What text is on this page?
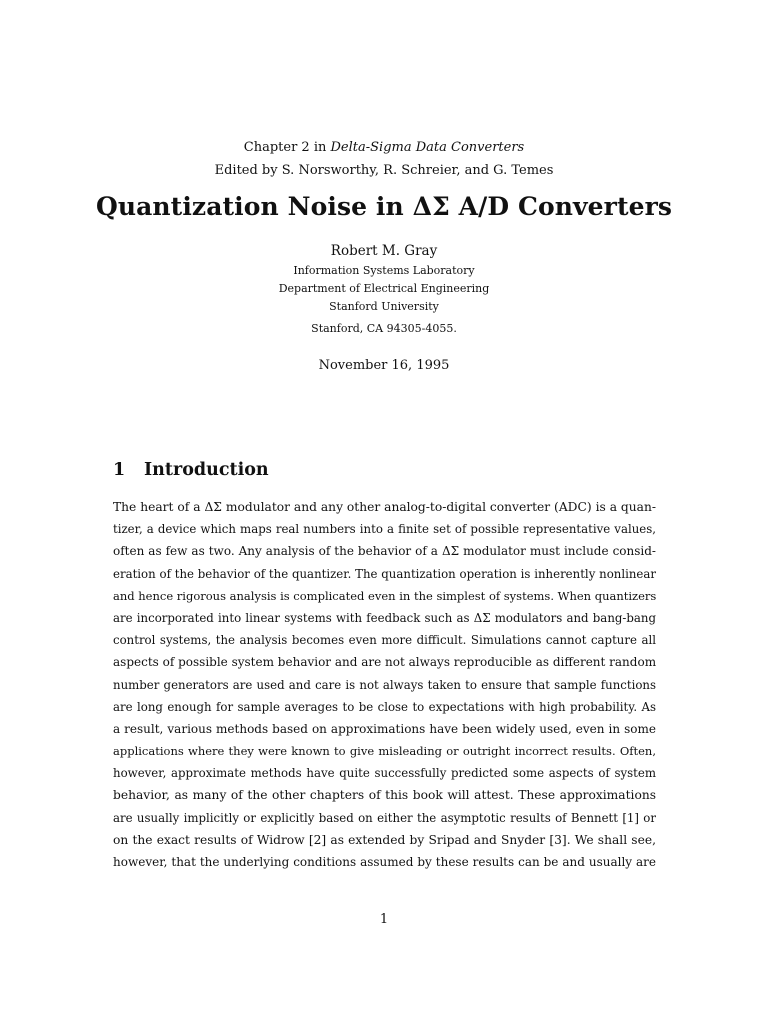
Chapter 2 in Delta-Sigma Data Converters
Edited by S. Norsworthy, R. Schreier, and G. Temes
Quantization Noise in ΔΣ A/D Converters
Robert M. Gray
Information Systems Laboratory
Department of Electrical Engineering
Stanford University
Stanford, CA 94305-4055.
November 16, 1995
1 Introduction
The heart of a ΔΣ modulator and any other analog-to-digital converter (ADC) is a quan-
tizer, a device which maps real numbers into a finite set of possible representative values,
often as few as two. Any analysis of the behavior of a ΔΣ modulator must include consid-
eration of the behavior of the quantizer. The quantization operation is inherently nonlinear
and hence rigorous analysis is complicated even in the simplest of systems. When quantizers
are incorporated into linear systems with feedback such as ΔΣ modulators and bang-bang
control systems, the analysis becomes even more difficult. Simulations cannot capture all
aspects of possible system behavior and are not always reproducible as different random
number generators are used and care is not always taken to ensure that sample functions
are long enough for sample averages to be close to expectations with high probability. As
a result, various methods based on approximations have been widely used, even in some
applications where they were known to give misleading or outright incorrect results. Often,
however, approximate methods have quite successfully predicted some aspects of system
behavior, as many of the other chapters of this book will attest. These approximations
are usually implicitly or explicitly based on either the asymptotic results of Bennett [1] or
on the exact results of Widrow [2] as extended by Sripad and Snyder [3]. We shall see,
however, that the underlying conditions assumed by these results can be and usually are
1
